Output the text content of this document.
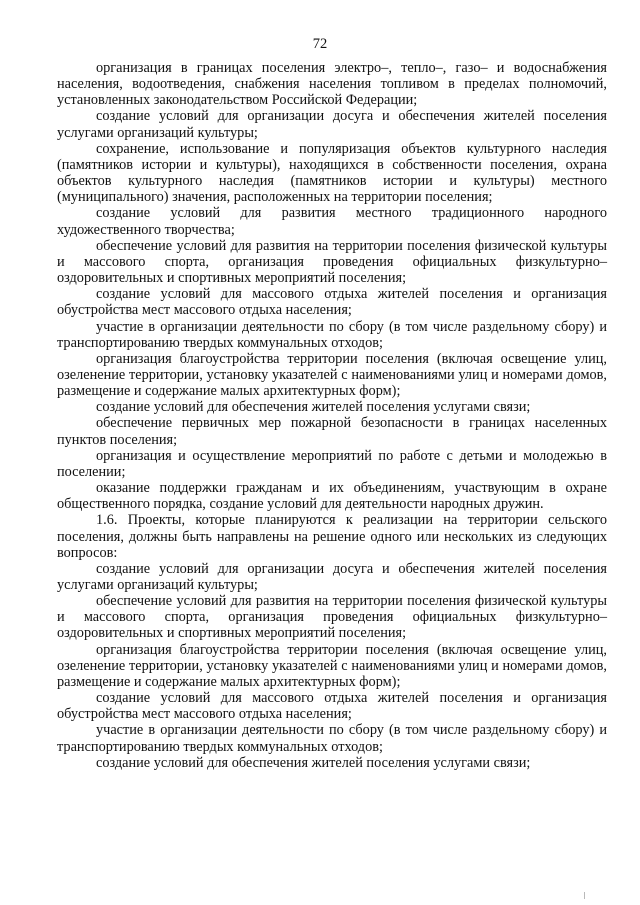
72

организация в границах поселения электро–, тепло–, газо– и водоснабжения населения, водоотведения, снабжения населения топливом в пределах полномочий, установленных законодательством Российской Федерации;

создание условий для организации досуга и обеспечения жителей поселения услугами организаций культуры;

сохранение, использование и популяризация объектов культурного наследия (памятников истории и культуры), находящихся в собственности поселения, охрана объектов культурного наследия (памятников истории и культуры) местного (муниципального) значения, расположенных на территории поселения;

создание условий для развития местного традиционного народного художественного творчества;

обеспечение условий для развития на территории поселения физической культуры и массового спорта, организация проведения официальных физкультурно–оздоровительных и спортивных мероприятий поселения;

создание условий для массового отдыха жителей поселения и организация обустройства мест массового отдыха населения;

участие в организации деятельности по сбору (в том числе раздельному сбору) и транспортированию твердых коммунальных отходов;

организация благоустройства территории поселения (включая освещение улиц, озеленение территории, установку указателей с наименованиями улиц и номерами домов, размещение и содержание малых архитектурных форм);

создание условий для обеспечения жителей поселения услугами связи;

обеспечение первичных мер пожарной безопасности в границах населенных пунктов поселения;

организация и осуществление мероприятий по работе с детьми и молодежью в поселении;

оказание поддержки гражданам и их объединениям, участвующим в охране общественного порядка, создание условий для деятельности народных дружин.

1.6. Проекты, которые планируются к реализации на территории сельского поселения, должны быть направлены на решение одного или нескольких из следующих вопросов:

создание условий для организации досуга и обеспечения жителей поселения услугами организаций культуры;

обеспечение условий для развития на территории поселения физической культуры и массового спорта, организация проведения официальных физкультурно–оздоровительных и спортивных мероприятий поселения;

организация благоустройства территории поселения (включая освещение улиц, озеленение территории, установку указателей с наименованиями улиц и номерами домов, размещение и содержание малых архитектурных форм);

создание условий для массового отдыха жителей поселения и организация обустройства мест массового отдыха населения;

участие в организации деятельности по сбору (в том числе раздельному сбору) и транспортированию твердых коммунальных отходов;

создание условий для обеспечения жителей поселения услугами связи;
